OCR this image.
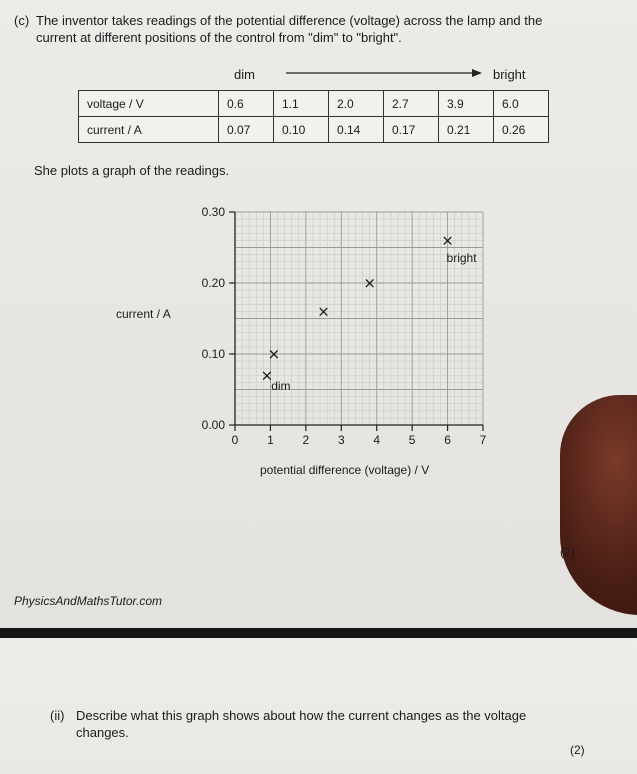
(c) The inventor takes readings of the potential difference (voltage) across the lamp and the current at different positions of the control from "dim" to "bright".
dim	bright
voltage / V	0.6	1.1	2.0	2.7	3.9	6.0
current / A	0.07	0.10	0.14	0.17	0.21	0.26
She plots a graph of the readings.
current / A
0.00
0.10
0.20
0.30
0 1 2 3 4 5 6 7
×
×
×
×
×
dim
bright
potential difference (voltage) / V
(2)
PhysicsAndMathsTutor.com
(ii) Describe what this graph shows about how the current changes as the voltage changes.
(2)
